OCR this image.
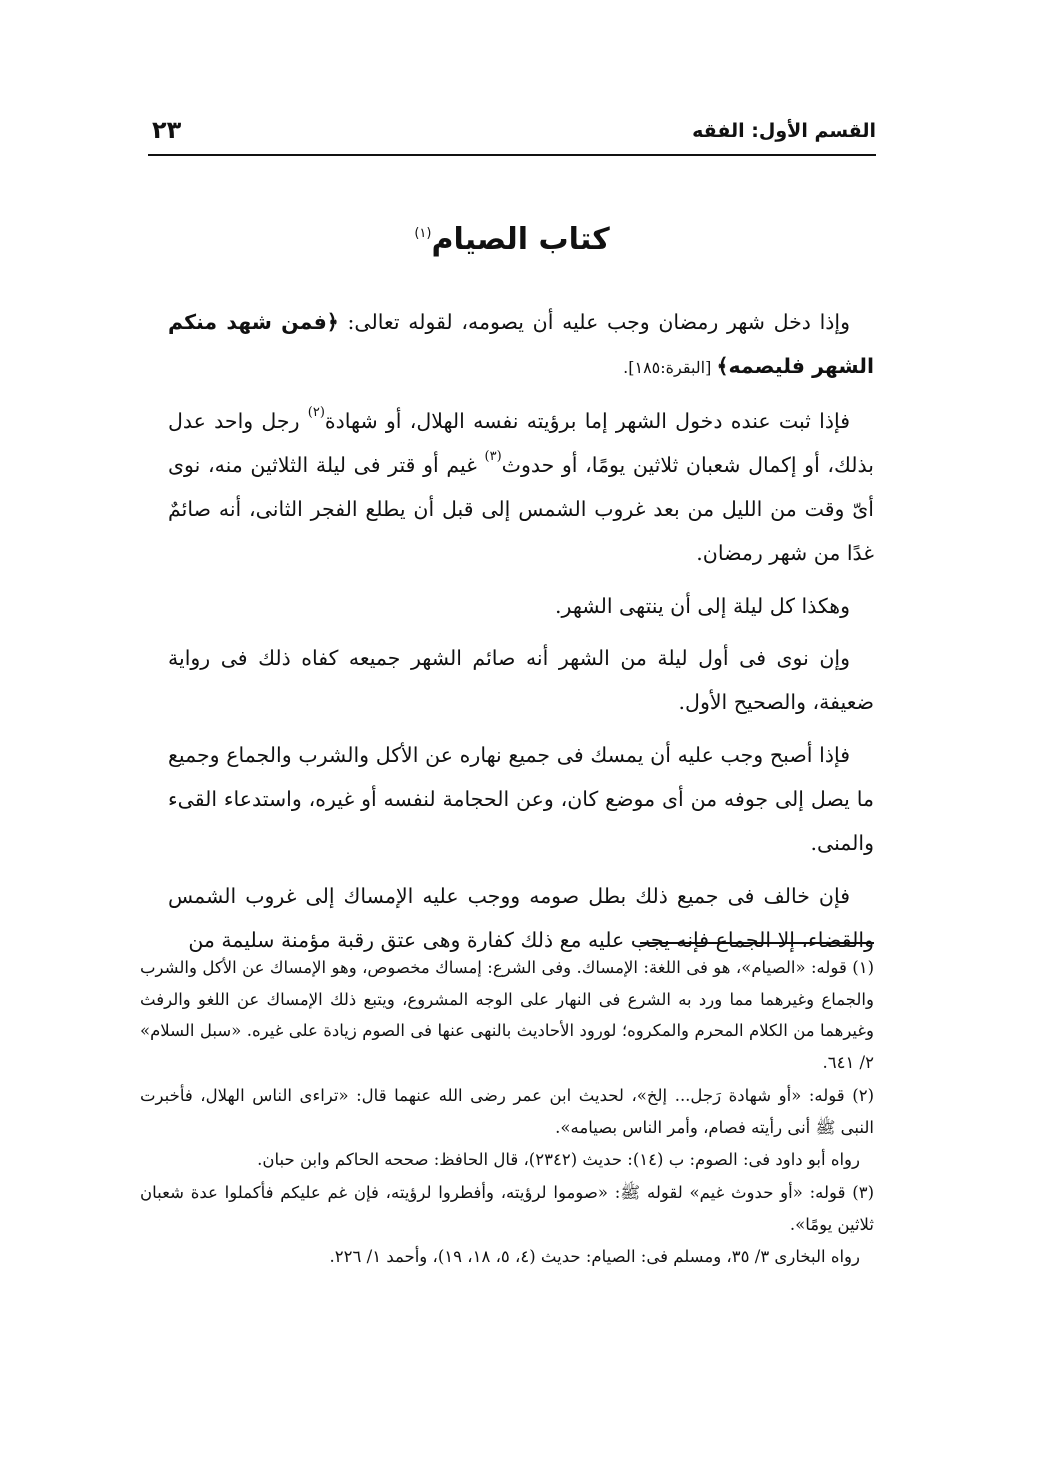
القسم الأول: الفقه
٢٣
كتاب الصيام$^{(١)}$

وإذا دخل شهر رمضان وجب عليه أن يصومه، لقوله تعالى: ﴿فمن شهد منكم الشهر فليصمه﴾ [البقرة:١٨٥].

فإذا ثبت عنده دخول الشهر إما برؤيته نفسه الهلال، أو شهادة$^{(٢)}$ رجل واحد عدل بذلك، أو إكمال شعبان ثلاثين يومًا، أو حدوث$^{(٣)}$ غيم أو قتر فى ليلة الثلاثين منه، نوى أىّ وقت من الليل من بعد غروب الشمس إلى قبل أن يطلع الفجر الثانى، أنه صائمٌ غدًا من شهر رمضان.

وهكذا كل ليلة إلى أن ينتهى الشهر.

وإن نوى فى أول ليلة من الشهر أنه صائم الشهر جميعه كفاه ذلك فى رواية ضعيفة، والصحيح الأول.

فإذا أصبح وجب عليه أن يمسك فى جميع نهاره عن الأكل والشرب والجماع وجميع ما يصل إلى جوفه من أى موضع كان، وعن الحجامة لنفسه أو غيره، واستدعاء القىء والمنى.

فإن خالف فى جميع ذلك بطل صومه ووجب عليه الإمساك إلى غروب الشمس والقضاء، إلا الجماع فإنه يجب عليه مع ذلك كفارة وهى عتق رقبة مؤمنة سليمة من

(١) قوله: «الصيام»، هو فى اللغة: الإمساك. وفى الشرع: إمساك مخصوص، وهو الإمساك عن الأكل والشرب والجماع وغيرهما مما ورد به الشرع فى النهار على الوجه المشروع، ويتبع ذلك الإمساك عن اللغو والرفث وغيرهما من الكلام المحرم والمكروه؛ لورود الأحاديث بالنهى عنها فى الصوم زيادة على غيره. «سبل السلام» ٢/ ٦٤١.

(٢) قوله: «أو شهادة رَجل... إلخ»، لحديث ابن عمر رضى الله عنهما قال: «تراءى الناس الهلال، فأخبرت النبى ﷺ أنى رأيته فصام، وأمر الناس بصيامه».

رواه أبو داود فى: الصوم: ب (١٤): حديث (٢٣٤٢)، قال الحافظ: صححه الحاكم وابن حبان.

(٣) قوله: «أو حدوث غيم» لقوله ﷺ: «صوموا لرؤيته، وأفطروا لرؤيته، فإن غم عليكم فأكملوا عدة شعبان ثلاثين يومًا».

رواه البخارى ٣/ ٣٥، ومسلم فى: الصيام: حديث (٤، ٥، ١٨، ١٩)، وأحمد ١/ ٢٢٦.
